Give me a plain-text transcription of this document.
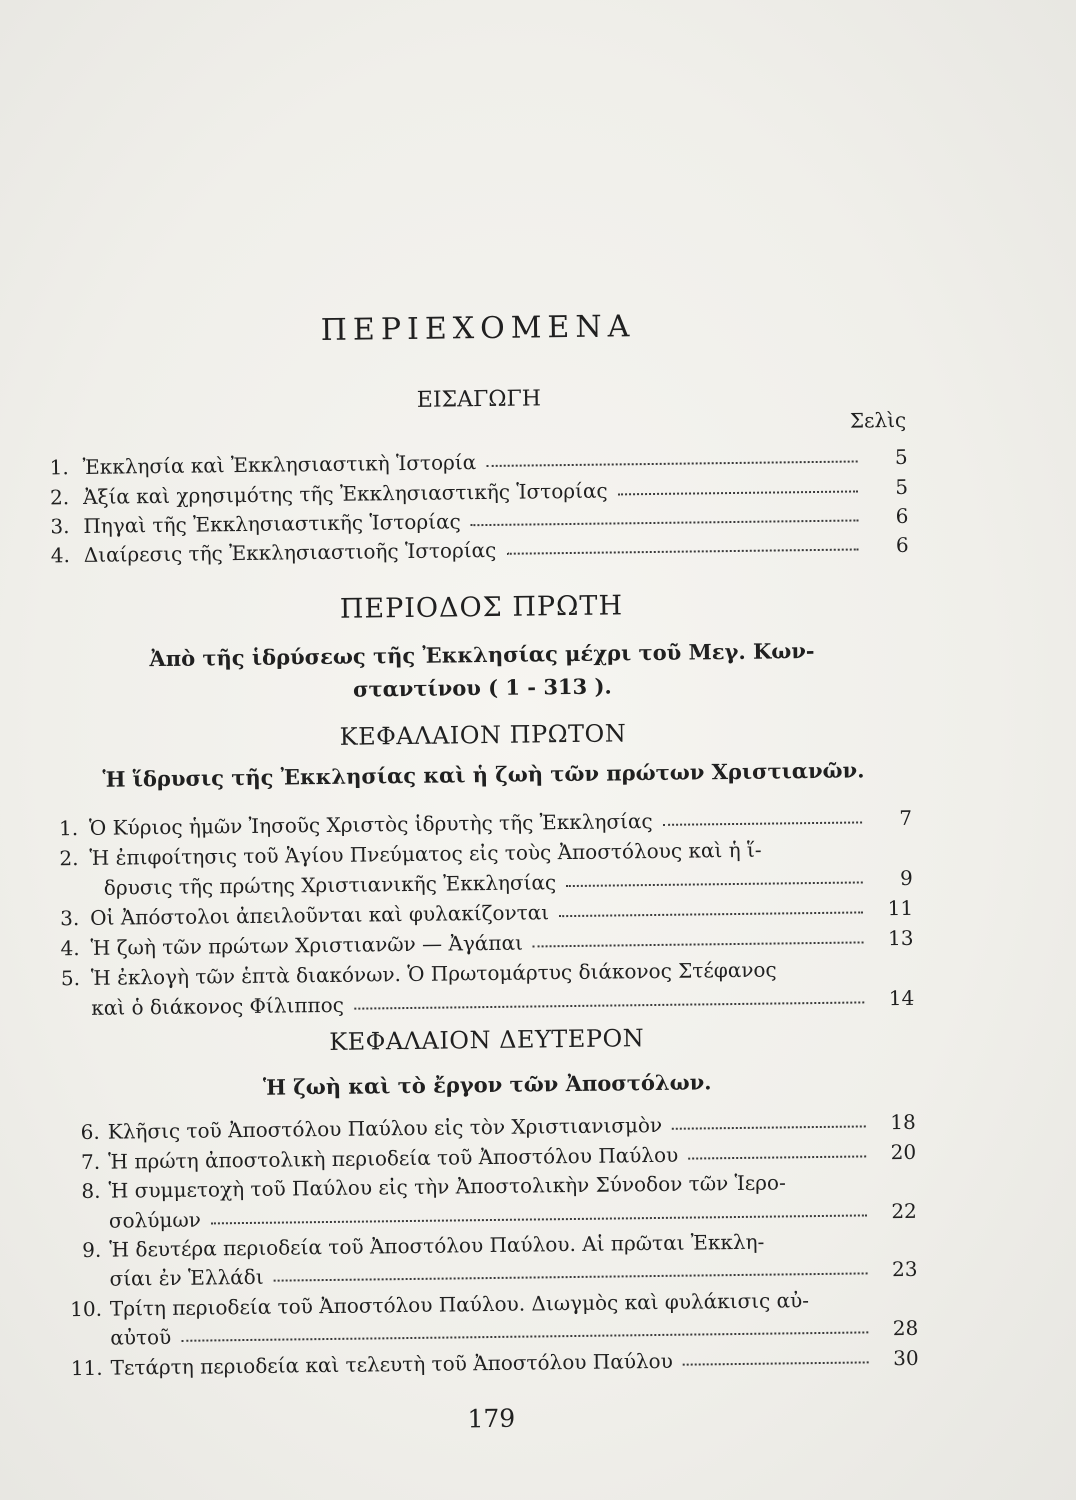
ΠΕΡΙΕΧΟΜΕΝΑ
ΕΙΣΑΓΩΓΗ
Σελὶς
1. Ἐκκλησία καὶ Ἐκκλησιαστικὴ Ἱστορία	5
2. Ἀξία καὶ χρησιμότης τῆς Ἐκκλησιαστικῆς Ἱστορίας	5
3. Πηγαὶ τῆς Ἐκκλησιαστικῆς Ἱστορίας	6
4. Διαίρεσις τῆς Ἐκκλησιαστιοῆς Ἱστορίας	6
ΠΕΡΙΟΔΟΣ ΠΡΩΤΗ
Ἀπὸ τῆς ἱδρύσεως τῆς Ἐκκλησίας μέχρι τοῦ Μεγ. Κων-
σταντίνου ( 1 - 313 ).
ΚΕΦΑΛΑΙΟΝ ΠΡΩΤΟΝ
Ἡ ἵδρυσις τῆς Ἐκκλησίας καὶ ἡ ζωὴ τῶν πρώτων Χριστιανῶν.
1. Ὁ Κύριος ἡμῶν Ἰησοῦς Χριστὸς ἱδρυτὴς τῆς Ἐκκλησίας	7
2. Ἡ ἐπιφοίτησις τοῦ Ἁγίου Πνεύματος εἰς τοὺς Ἀποστόλους καὶ ἡ ἵ-
δρυσις τῆς πρώτης Χριστιανικῆς Ἐκκλησίας	9
3. Οἱ Ἀπόστολοι ἀπειλοῦνται καὶ φυλακίζονται	11
4. Ἡ ζωὴ τῶν πρώτων Χριστιανῶν — Ἀγάπαι	13
5. Ἡ ἐκλογὴ τῶν ἑπτὰ διακόνων. Ὁ Πρωτομάρτυς διάκονος Στέφανος
καὶ ὁ διάκονος Φίλιππος	14
ΚΕΦΑΛΑΙΟΝ ΔΕΥΤΕΡΟΝ
Ἡ ζωὴ καὶ τὸ ἔργον τῶν Ἀποστόλων.
6. Κλῆσις τοῦ Ἀποστόλου Παύλου εἰς τὸν Χριστιανισμὸν	18
7. Ἡ πρώτη ἀποστολικὴ περιοδεία τοῦ Ἀποστόλου Παύλου	20
8. Ἡ συμμετοχὴ τοῦ Παύλου εἰς τὴν Ἀποστολικὴν Σύνοδον τῶν Ἱερο-
σολύμων	22
9. Ἡ δευτέρα περιοδεία τοῦ Ἀποστόλου Παύλου. Αἱ πρῶται Ἐκκλη-
σίαι ἐν Ἑλλάδι	23
10. Τρίτη περιοδεία τοῦ Ἀποστόλου Παύλου. Διωγμὸς καὶ φυλάκισις αὐ-
αὐτοῦ	28
11. Τετάρτη περιοδεία καὶ τελευτὴ τοῦ Ἀποστόλου Παύλου	30
179
